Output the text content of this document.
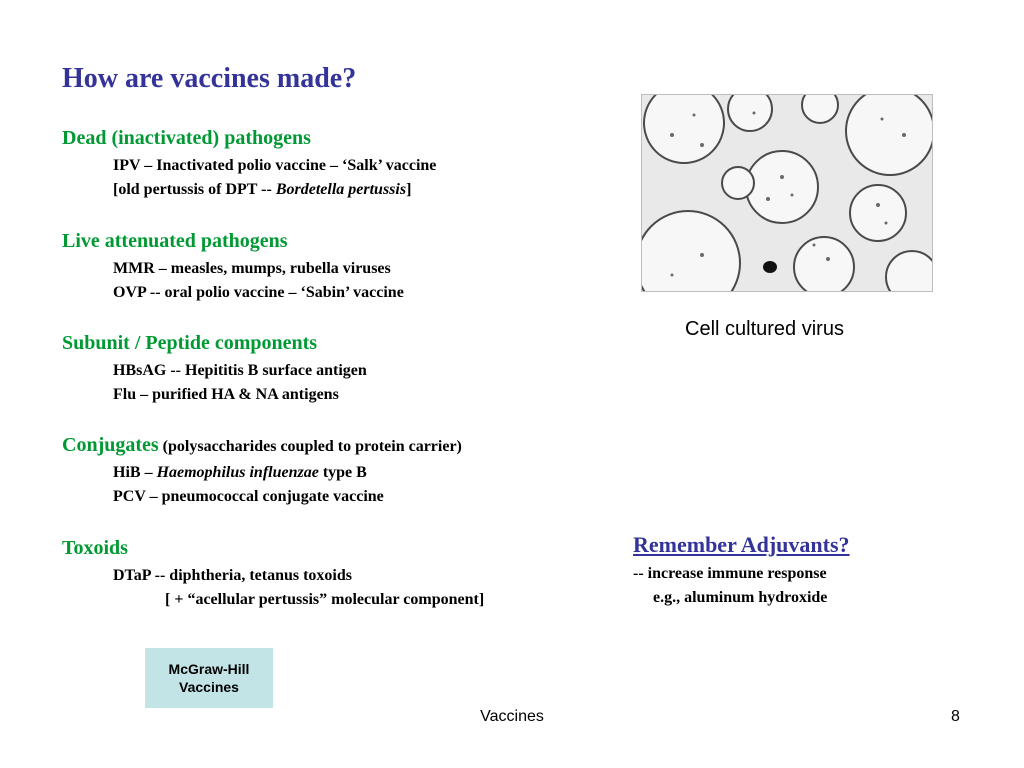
How are vaccines made?
Dead (inactivated) pathogens
IPV – Inactivated polio vaccine – ‘Salk’ vaccine
[old pertussis of DPT -- Bordetella pertussis]
Live attenuated pathogens
MMR – measles, mumps, rubella viruses
OVP -- oral polio vaccine – ‘Sabin’ vaccine
Subunit / Peptide components
HBsAG -- Hepititis B surface antigen
Flu – purified HA & NA antigens
Conjugates (polysaccharides coupled to protein carrier)
HiB – Haemophilus influenzae type B
PCV – pneumococcal conjugate vaccine
Toxoids
DTaP -- diphtheria, tetanus toxoids
[ + “acellular pertussis” molecular component]
Cell cultured virus
Remember Adjuvants?
-- increase immune response
e.g., aluminum hydroxide
McGraw-Hill
Vaccines
Vaccines	8
